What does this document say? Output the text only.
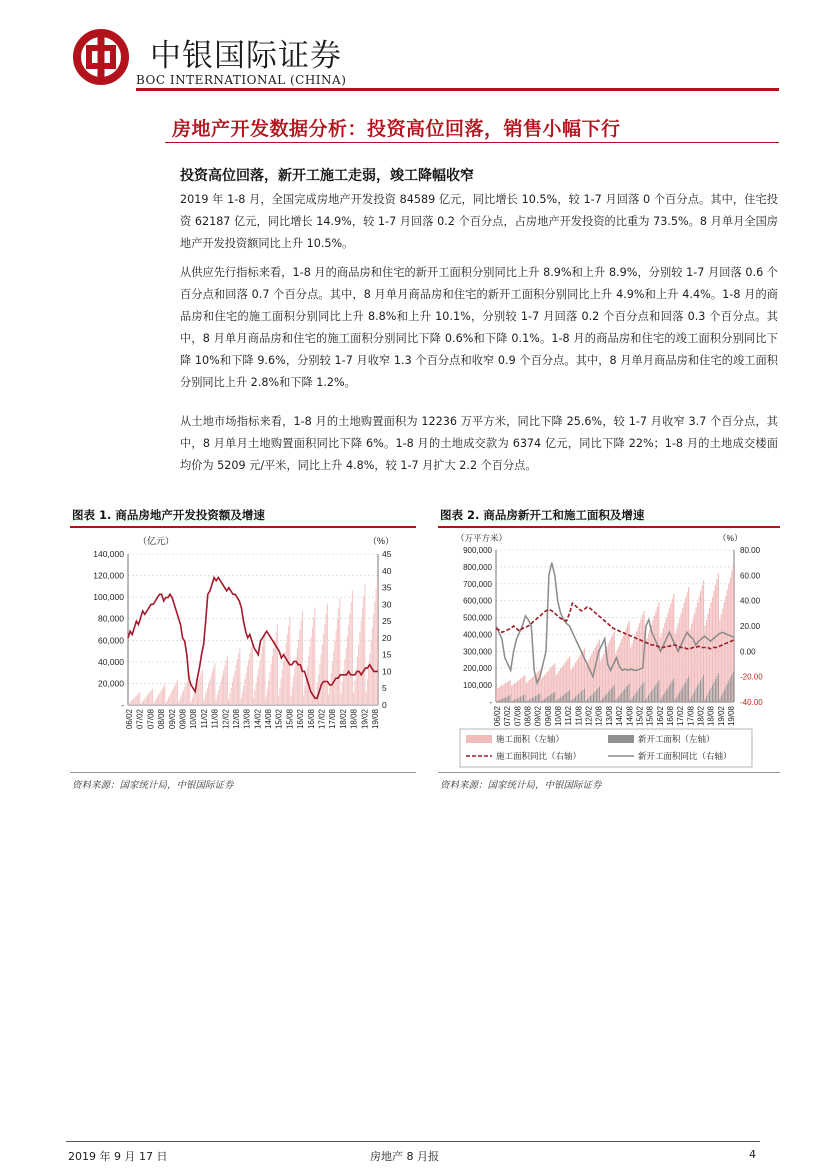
中银国际证券
BOC INTERNATIONAL (CHINA)
房地产开发数据分析：投资高位回落，销售小幅下行
投资高位回落，新开工施工走弱，竣工降幅收窄
2019 年 1-8 月，全国完成房地产开发投资 84589 亿元，同比增长 10.5%，较 1-7 月回落 0 个百分点。其中，住宅投资 62187 亿元，同比增长 14.9%，较 1-7 月回落 0.2 个百分点，占房地产开发投资的比重为 73.5%。8 月单月全国房地产开发投资额同比上升 10.5%。
从供应先行指标来看，1-8 月的商品房和住宅的新开工面积分别同比上升 8.9%和上升 8.9%，分别较 1-7 月回落 0.6 个百分点和回落 0.7 个百分点。其中，8 月单月商品房和住宅的新开工面积分别同比上升 4.9%和上升 4.4%。1-8 月的商品房和住宅的施工面积分别同比上升 8.8%和上升 10.1%，分别较 1-7 月回落 0.2 个百分点和回落 0.3 个百分点。其中，8 月单月商品房和住宅的施工面积分别同比下降 0.6%和下降 0.1%。1-8 月的商品房和住宅的竣工面积分别同比下降 10%和下降 9.6%，分别较 1-7 月收窄 1.3 个百分点和收窄 0.9 个百分点。其中，8 月单月商品房和住宅的竣工面积分别同比上升 2.8%和下降 1.2%。
从土地市场指标来看，1-8 月的土地购置面积为 12236 万平方米，同比下降 25.6%，较 1-7 月收窄 3.7 个百分点，其中，8 月单月土地购置面积同比下降 6%。1-8 月的土地成交款为 6374 亿元，同比下降 22%；1-8 月的土地成交楼面均价为 5209 元/平米，同比上升 4.8%，较 1-7 月扩大 2.2 个百分点。
图表 1. 商品房地产开发投资额及增速
（亿元）	（%）
140,000
120,000
100,000
80,000
60,000
40,000
20,000
-
45
40
35
30
25
20
15
10
5
0
06/02 07/02 07/08 08/08 09/02 09/08 10/08 11/02 11/08 12/02 12/08 13/08 14/02 14/08 15/02 15/08 16/02 16/08 17/02 17/08 18/02 18/08 19/02 19/08
资料来源：国家统计局，中银国际证券
图表 2. 商品房新开工和施工面积及增速
（万平方米）	（%）
900,000
800,000
700,000
600,000
500,000
400,000
300,000
200,000
100,000
-
80.00
60.00
40.00
20.00
0.00
-20.00
-40.00
06/02 07/02 07/08 08/08 09/02 09/08 10/08 11/02 11/08 12/02 12/08 13/08 14/02 14/08 15/02 15/08 16/02 16/08 17/02 17/08 18/02 18/08 19/02 19/08
施工面积（左轴）	新开工面积（左轴）
施工面积同比（右轴）	新开工面积同比（右轴）
资料来源：国家统计局，中银国际证券
2019 年 9 月 17 日	房地产 8 月报	4
